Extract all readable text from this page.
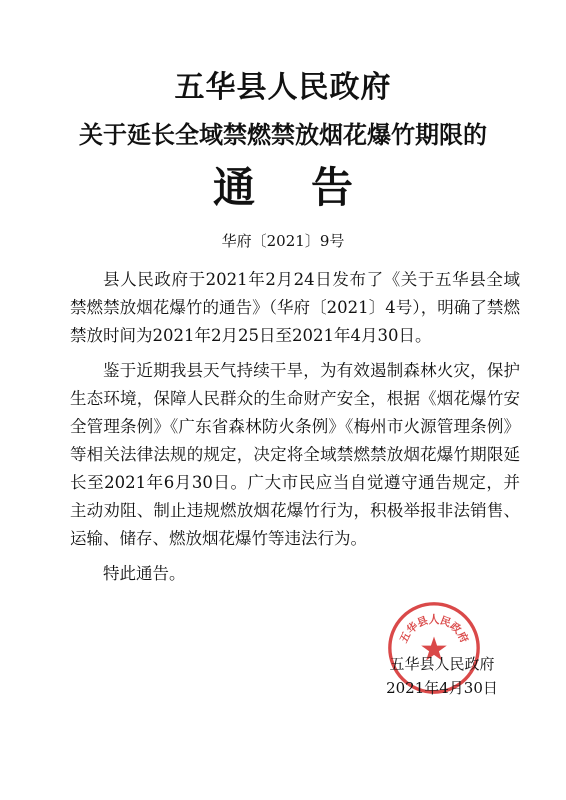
五华县人民政府
关于延长全域禁燃禁放烟花爆竹期限的
通告
华府〔2021〕9号

县人民政府于2021年2月24日发布了《关于五华县全域禁燃禁放烟花爆竹的通告》（华府〔2021〕4号），明确了禁燃禁放时间为2021年2月25日至2021年4月30日。

鉴于近期我县天气持续干旱，为有效遏制森林火灾，保护生态环境，保障人民群众的生命财产安全，根据《烟花爆竹安全管理条例》《广东省森林防火条例》《梅州市火源管理条例》等相关法律法规的规定，决定将全域禁燃禁放烟花爆竹期限延长至2021年6月30日。广大市民应当自觉遵守通告规定，并主动劝阻、制止违规燃放烟花爆竹行为，积极举报非法销售、运输、储存、燃放烟花爆竹等违法行为。

特此通告。

五华县人民政府
五华县人民政府
2021年4月30日
